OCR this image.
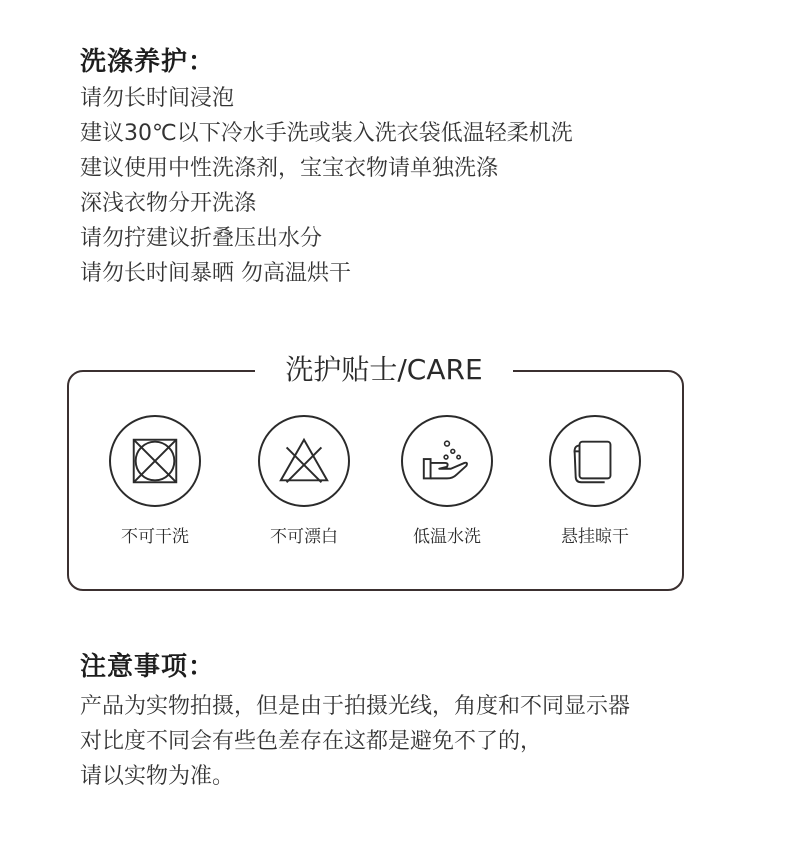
洗涤养护：
请勿长时间浸泡
建议30℃以下冷水手洗或装入洗衣袋低温轻柔机洗
建议使用中性洗涤剂，宝宝衣物请单独洗涤
深浅衣物分开洗涤
请勿拧建议折叠压出水分
请勿长时间暴晒 勿高温烘干
洗护贴士/CARE
不可干洗	不可漂白	低温水洗	悬挂晾干
注意事项：
产品为实物拍摄，但是由于拍摄光线，角度和不同显示器
对比度不同会有些色差存在这都是避免不了的，
请以实物为准。
